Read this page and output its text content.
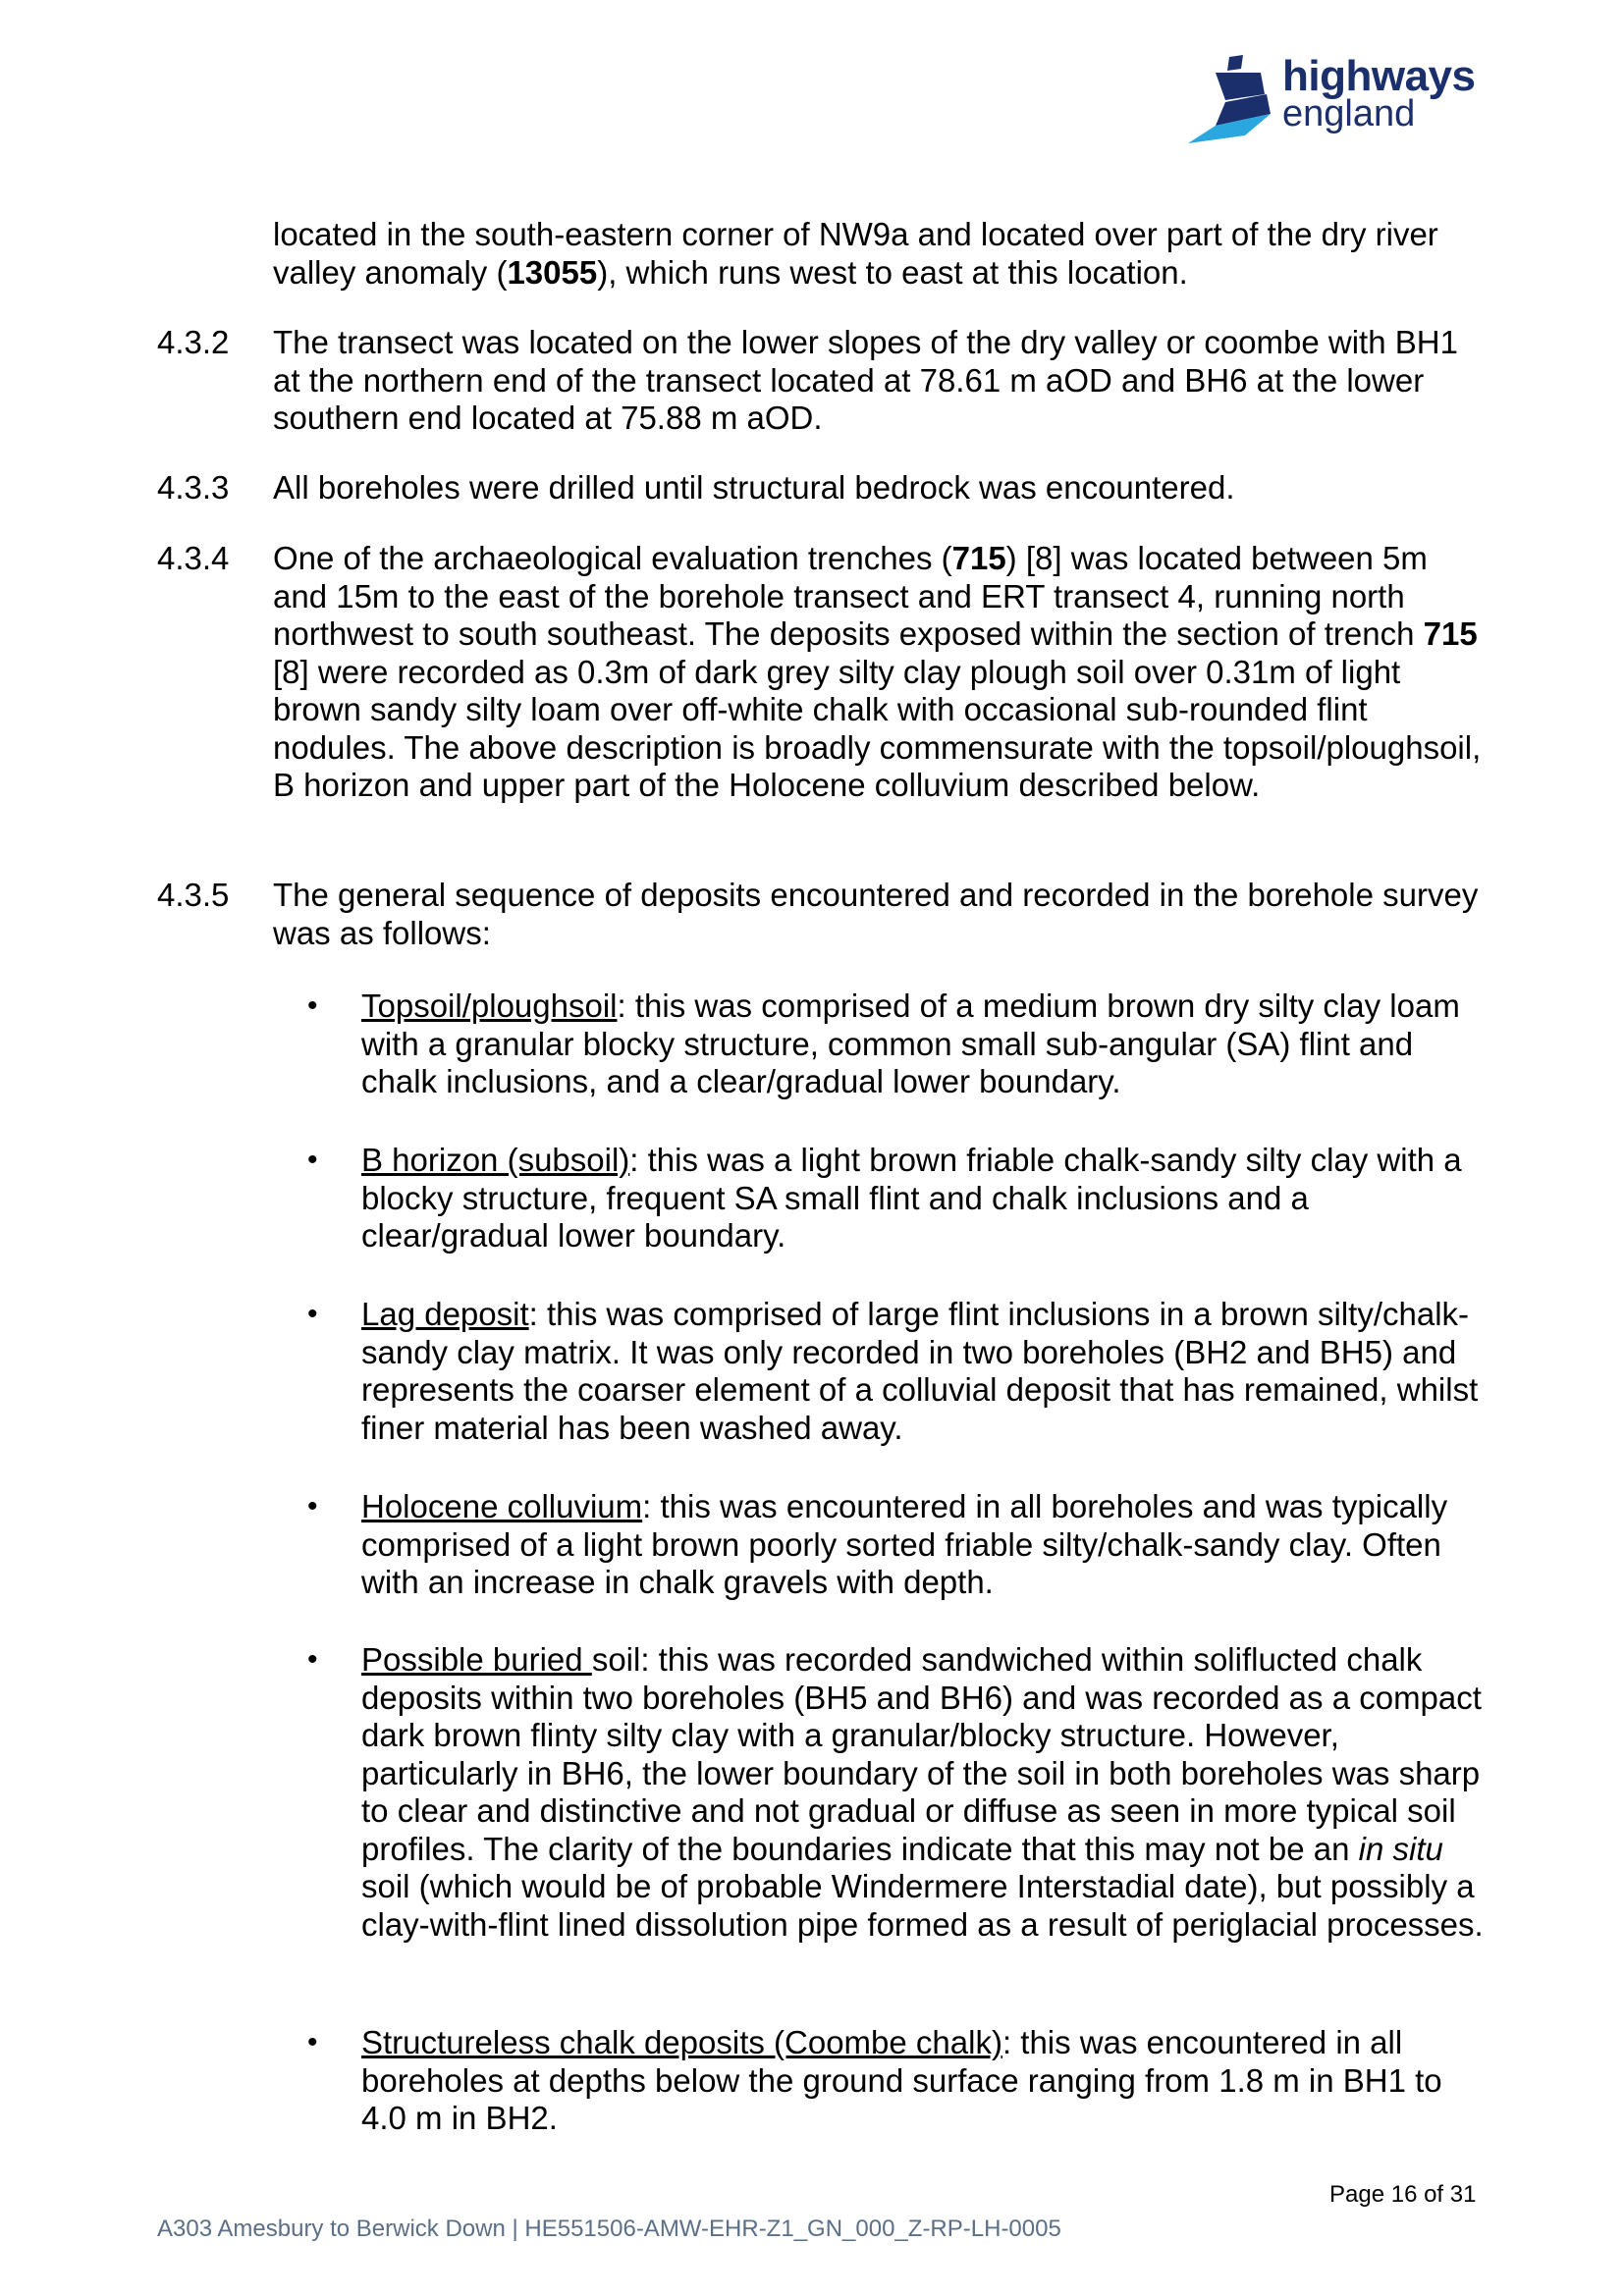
highways
england
located in the south-eastern corner of NW9a and located over part of the dry river valley anomaly (13055), which runs west to east at this location.
4.3.2 The transect was located on the lower slopes of the dry valley or coombe with BH1 at the northern end of the transect located at 78.61 m aOD and BH6 at the lower southern end located at 75.88 m aOD.
4.3.3 All boreholes were drilled until structural bedrock was encountered.
4.3.4 One of the archaeological evaluation trenches (715) [8] was located between 5m and 15m to the east of the borehole transect and ERT transect 4, running north northwest to south southeast. The deposits exposed within the section of trench 715 [8] were recorded as 0.3m of dark grey silty clay plough soil over 0.31m of light brown sandy silty loam over off-white chalk with occasional sub-rounded flint nodules. The above description is broadly commensurate with the topsoil/ploughsoil, B horizon and upper part of the Holocene colluvium described below.
4.3.5 The general sequence of deposits encountered and recorded in the borehole survey was as follows:
• Topsoil/ploughsoil: this was comprised of a medium brown dry silty clay loam with a granular blocky structure, common small sub-angular (SA) flint and chalk inclusions, and a clear/gradual lower boundary.
• B horizon (subsoil): this was a light brown friable chalk-sandy silty clay with a blocky structure, frequent SA small flint and chalk inclusions and a clear/gradual lower boundary.
• Lag deposit: this was comprised of large flint inclusions in a brown silty/chalk-sandy clay matrix. It was only recorded in two boreholes (BH2 and BH5) and represents the coarser element of a colluvial deposit that has remained, whilst finer material has been washed away.
• Holocene colluvium: this was encountered in all boreholes and was typically comprised of a light brown poorly sorted friable silty/chalk-sandy clay. Often with an increase in chalk gravels with depth.
• Possible buried soil: this was recorded sandwiched within soliflucted chalk deposits within two boreholes (BH5 and BH6) and was recorded as a compact dark brown flinty silty clay with a granular/blocky structure. However, particularly in BH6, the lower boundary of the soil in both boreholes was sharp to clear and distinctive and not gradual or diffuse as seen in more typical soil profiles. The clarity of the boundaries indicate that this may not be an in situ soil (which would be of probable Windermere Interstadial date), but possibly a clay-with-flint lined dissolution pipe formed as a result of periglacial processes.
• Structureless chalk deposits (Coombe chalk): this was encountered in all boreholes at depths below the ground surface ranging from 1.8 m in BH1 to 4.0 m in BH2.
Page 16 of 31
A303 Amesbury to Berwick Down | HE551506-AMW-EHR-Z1_GN_000_Z-RP-LH-0005
